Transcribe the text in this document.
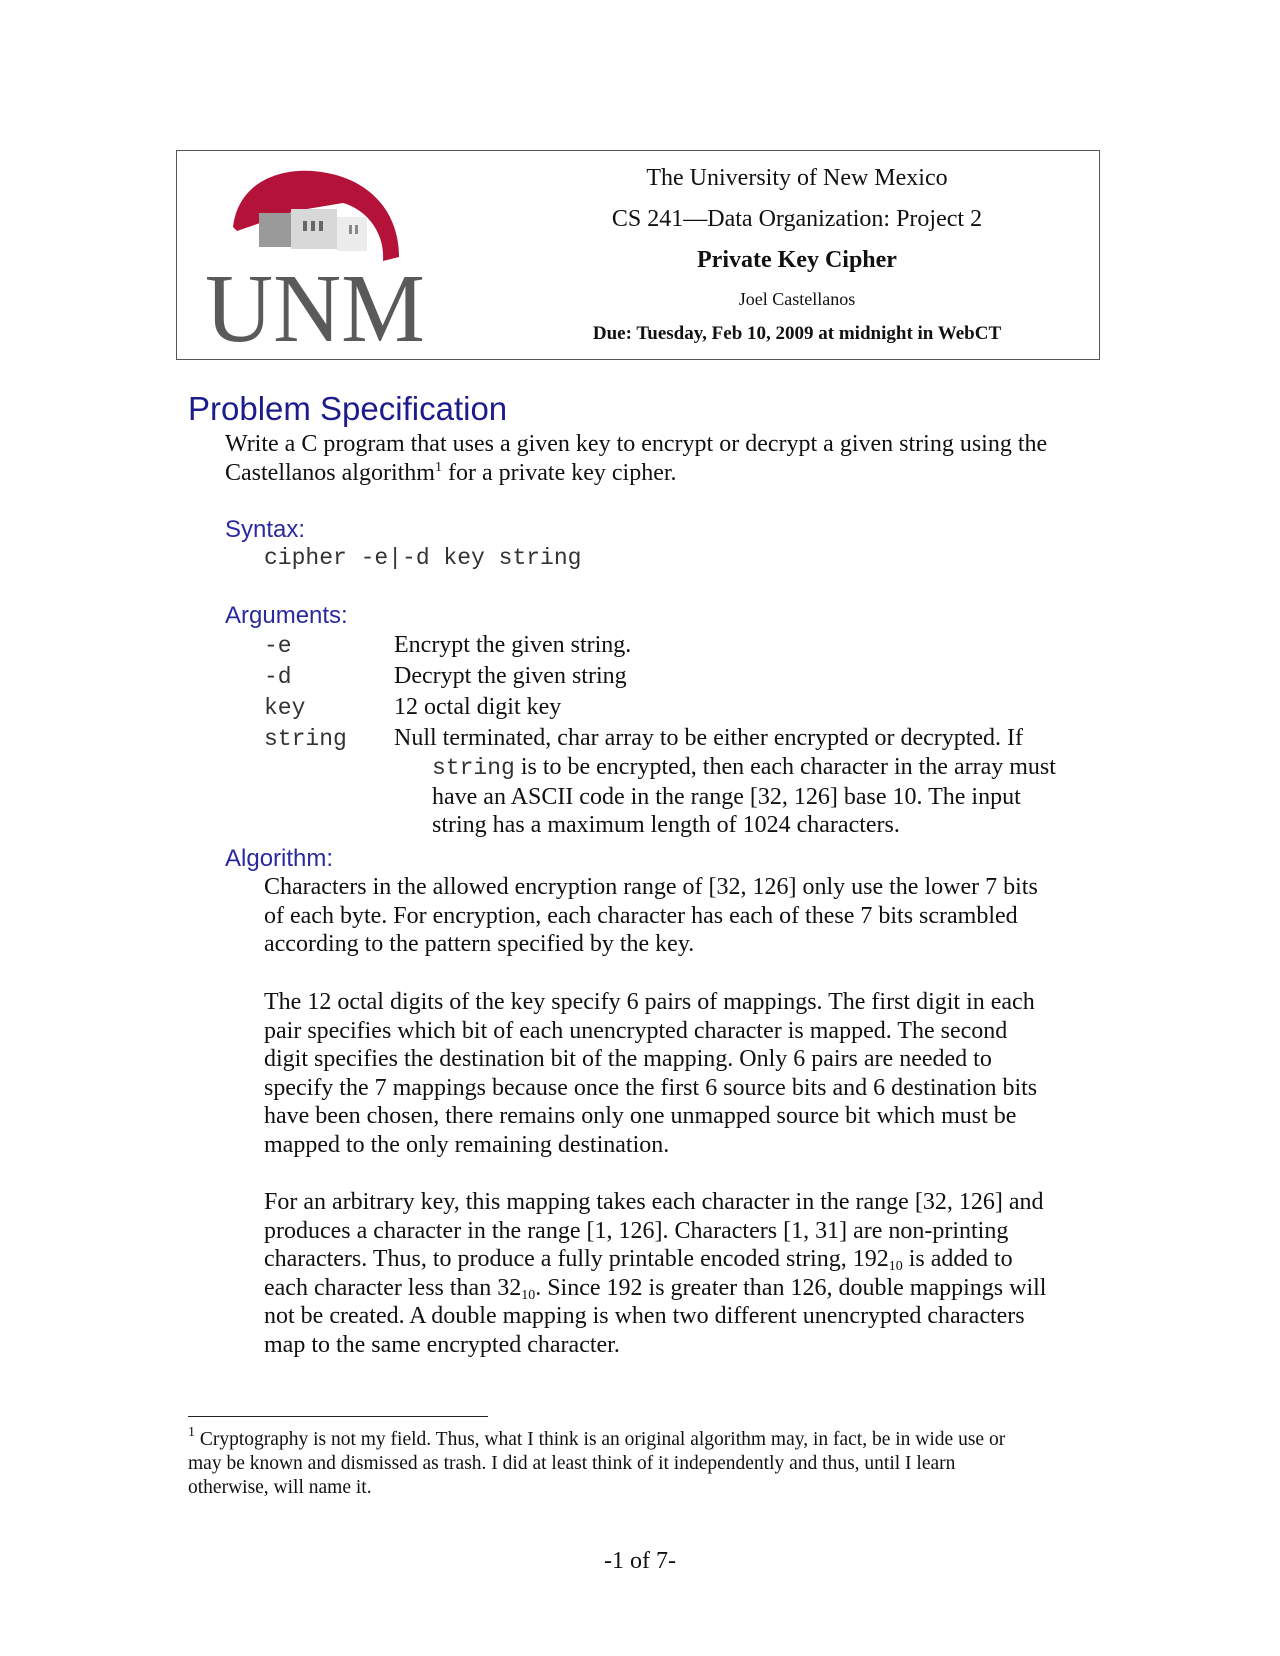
UNM
The University of New Mexico
CS 241—Data Organization: Project 2
Private Key Cipher
Joel Castellanos
Due: Tuesday, Feb 10, 2009 at midnight in WebCT
Problem Specification

Write a C program that uses a given key to encrypt or decrypt a given string using the
Castellanos algorithm$^1$ for a private key cipher.

Syntax:
cipher -e|-d key string
Arguments:
-e	Encrypt the given string.
-d	Decrypt the given string
key	12 octal digit key
string Null terminated, char array to be either encrypted or decrypted. If
string is to be encrypted, then each character in the array must
have an ASCII code in the range [32, 126] base 10. The input
string has a maximum length of 1024 characters.
Algorithm:

Characters in the allowed encryption range of [32, 126] only use the lower 7 bits
of each byte. For encryption, each character has each of these 7 bits scrambled
according to the pattern specified by the key.

The 12 octal digits of the key specify 6 pairs of mappings. The first digit in each
pair specifies which bit of each unencrypted character is mapped. The second
digit specifies the destination bit of the mapping. Only 6 pairs are needed to
specify the 7 mappings because once the first 6 source bits and 6 destination bits
have been chosen, there remains only one unmapped source bit which must be
mapped to the only remaining destination.

For an arbitrary key, this mapping takes each character in the range [32, 126] and
produces a character in the range [1, 126]. Characters [1, 31] are non-printing
characters. Thus, to produce a fully printable encoded string, $192_{10}$ is added to
each character less than $32_{10}$. Since 192 is greater than 126, double mappings will
not be created. A double mapping is when two different unencrypted characters
map to the same encrypted character.

$^1$ Cryptography is not my field. Thus, what I think is an original algorithm may, in fact, be in wide use or
may be known and dismissed as trash. I did at least think of it independently and thus, until I learn
otherwise, will name it.
-1 of 7-
